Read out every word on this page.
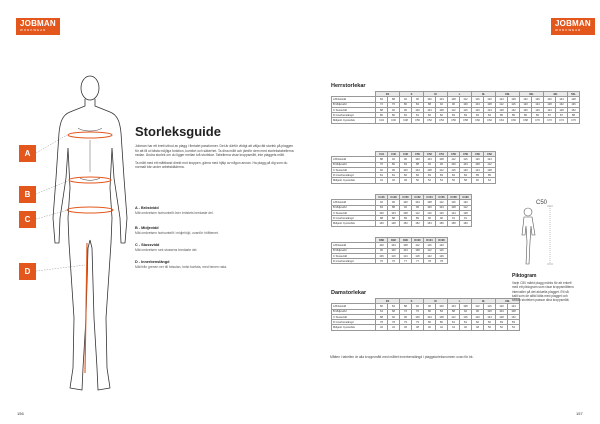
JOBMAN
WORKWEAR
JOBMAN
WORKWEAR
A
B
C
D
Storleksguide
Jobman har ett brett utbud av plagg i flertalet passformer. Det är därför viktigt att välja rätt storlek på plaggen för att få ut bästa möjliga funktion, komfort och säkerhet. Ta dina mått och jämför dem med storlekstabellerna nedan. Ändra storlek om du ligger mellan två storlekar. Tabellerna visar kroppsmått, inte plaggets mått.
Ta mått med ett måttband direkt mot kroppen, gärna med hjälp av någon annan. Ha plagg på dig som du normalt bär under arbetskläderna.
A - Bröstvidd
Mät omkretsen horisontellt över bröstets bredaste del.
B - Midjevidd
Mät omkretsen horisontellt i midjehöjd, ovanför höftbenet.
C - Stussvidd
Mät omkretsen runt stussens bredaste del.
D - Innerbenslängd
Mät från grenen ner till fotsulan, helst barfota, med benen raka.
Herrstorlekar
	XS		S		M		L		XL		XXL		3XL		4XL		5XL
A Bröstvidd	84	88	92	96	100	104	108	112	116	120	124	128	132	136	140	144	148
B Midjevidd	72	76	80	84	88	92	96	100	104	108	112	116	120	124	128	132	136
C Stussvidd	88	92	96	100	104	108	112	116	120	124	128	132	136	140	144	148	152
D Innerbenslängd	80	80	81	81	82	82	83	83	84	84	85	85	86	86	87	87	88
Midjestl. byxstorlek	C44	C46	C48	C50	C52	C54	C56	C58	C60	C62	C64	C66	C68	C70	C72	C74	C76
	C44	C46	C48	C50	C52	C54	C56	C58	C60	C62
A Bröstvidd	88	92	96	100	104	108	112	116	120	124
B Midjevidd	76	80	84	88	92	96	100	104	108	112
C Stussvidd	92	96	100	104	108	112	116	120	124	128
D Innerbenslängd	81	81	82	82	83	83	84	84	85	85
Midjestl. byxstorlek	44	46	48	50	52	54	56	58	60	62
	C146	C148	C150	C152	C154	C156	C158	C160
A Bröstvidd	92	96	100	104	108	112	116	120
B Midjevidd	84	88	92	96	100	104	108	112
C Stussvidd	100	104	108	112	116	120	124	128
D Innerbenslängd	88	88	89	89	90	90	91	91
Midjestl. byxstorlek	146	148	150	152	154	156	158	160
	D88	D92	D96	D100	D104	D108
A Bröstvidd	100	104	108	112	116	120
B Midjevidd	96	100	104	108	112	116
C Stussvidd	106	110	114	118	122	126
D Innerbenslängd	76	76	77	77	78	78
Damstorlekar
	XS		S		M		L		XL		XXL	
A Bröstvidd	80	84	88	92	96	100	104	108	112	116	120	124
B Midjevidd	64	68	72	76	80	84	88	92	96	100	104	108
C Stussvidd	88	92	96	100	104	108	112	116	120	124	128	132
D Innerbenslängd	78	78	79	79	80	80	81	81	82	82	83	83
Midjestl. byxstorlek	32	34	36	38	40	42	44	46	48	50	52	54
Måtten i tabellen är alla kroppsmått med måttet innerbenslängd i plaggstorleksnumren ovan för bk.
C50
Piktogram
Varje C50 märkt plagg märks för att enkelt med ett piktogram som visar kroppsmåttens intervaller på det aktuella plagget. Ett så kallt som de alltid lätta med plagget och sedan storleken passar dina kroppsmått.
156	157
